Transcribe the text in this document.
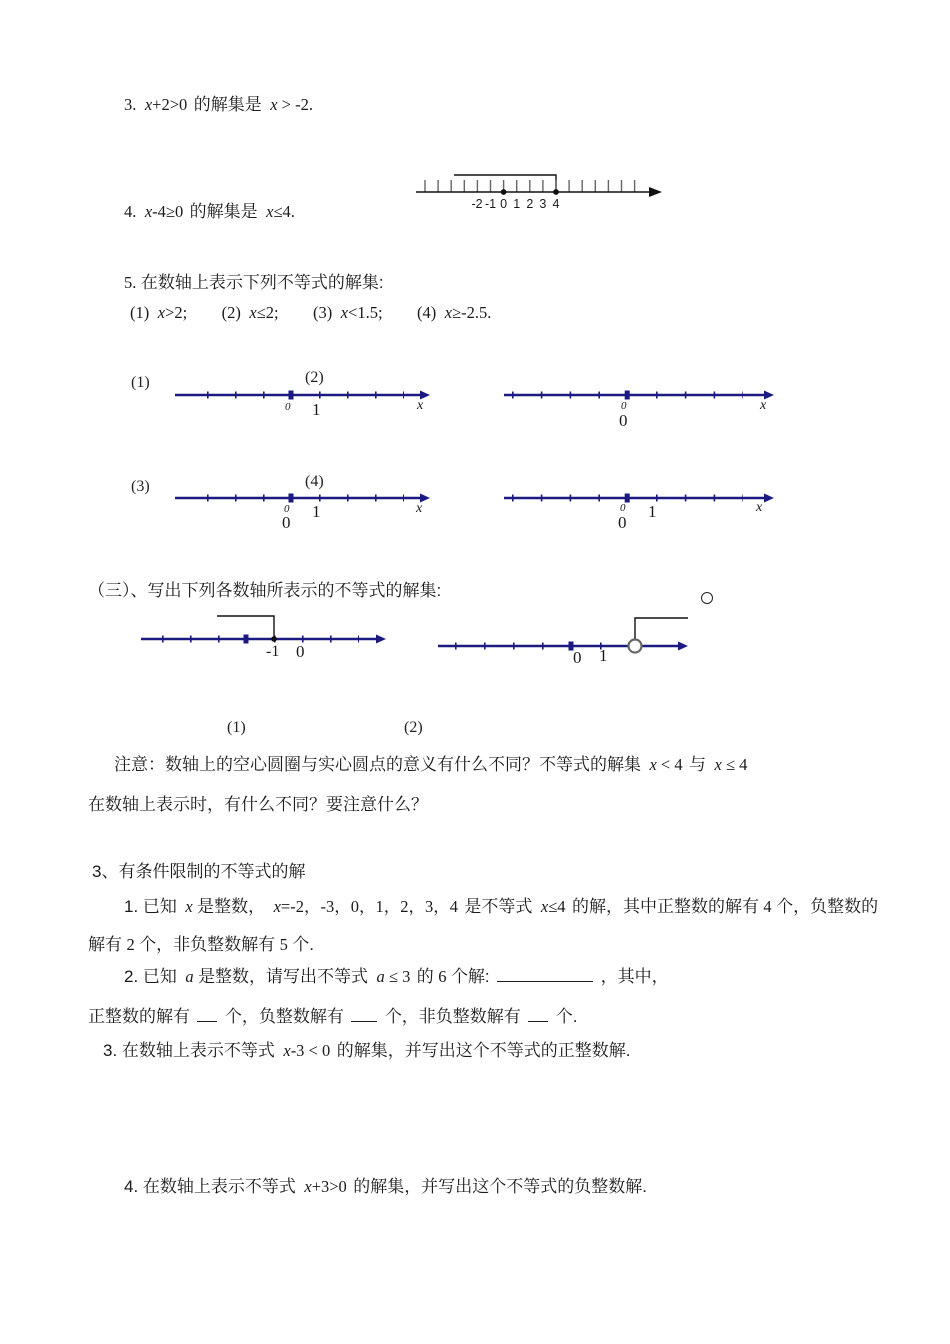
3. x+2>0 的解集是 x > -2.
-2 -1 0 1 2 3 4
4. x-4≥0 的解集是 x≤4.
5. 在数轴上表示下列不等式的解集:
(1) x>2; (2) x≤2; (3) x<1.5; (4) x≥-2.5.
(1)	(2)
(3)	(4)
0 1	x	0
0
x
0
0
1	x	0
0
1	x
（三）、写出下列各数轴所表示的不等式的解集:
-1 0	0 1
(1)	(2)
注意：数轴上的空心圆圈与实心圆点的意义有什么不同？不等式的解集 x < 4 与 x ≤ 4
在数轴上表示时，有什么不同？要注意什么？
3、有条件限制的不等式的解
1. 已知 x 是整数， x=-2，-3，0，1，2，3，4 是不等式 x≤4 的解，其中正整数的解有 4 个，负整数的
解有 2 个，非负整数解有 5 个.
2. 已知 a 是整数，请写出不等式 a ≤ 3 的 6 个解:	，其中，
正整数的解有 个，负整数解有 个，非负整数解有 个.
3. 在数轴上表示不等式 x-3 < 0 的解集，并写出这个不等式的正整数解.
4. 在数轴上表示不等式 x+3>0 的解集，并写出这个不等式的负整数解.
